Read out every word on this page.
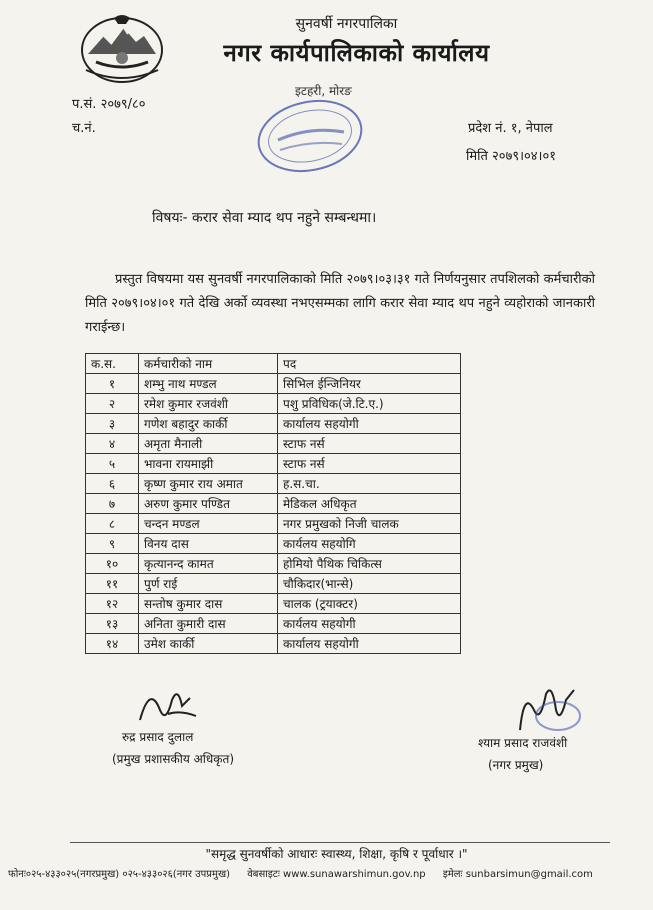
सुनवर्षी नगरपालिका
नगर कार्यपालिकाको कार्यालय
इटहरी, मोरङ
प.सं. २०७९/८०
च.नं.	प्रदेश नं. १, नेपाल
मिति २०७९।०४।०१
विषयः- करार सेवा म्याद थप नहुने सम्बन्धमा।
प्रस्तुत विषयमा यस सुनवर्षी नगरपालिकाको मिति २०७९।०३।३१ गते निर्णयनुसार तपशिलको कर्मचारीको मिति २०७९।०४।०१ गते देखि अर्को व्यवस्था नभएसम्मका लागि करार सेवा म्याद थप नहुने व्यहोराको जानकारी गराईन्छ।
क.स.	कर्मचारीको नाम	पद
१	शम्भु नाथ मण्डल	सिभिल ईन्जिनियर
२	रमेश कुमार रजवंशी	पशु प्रविधिक(जे.टि.ए.)
३	गणेश बहादुर कार्की	कार्यालय सहयोगी
४	अमृता मैनाली	स्टाफ नर्स
५	भावना रायमाझी	स्टाफ नर्स
६	कृष्ण कुमार राय अमात	ह.स.चा.
७	अरुण कुमार पण्डित	मेडिकल अधिकृत
८	चन्दन मण्डल	नगर प्रमुखको निजी चालक
९	विनय दास	कार्यलय सहयोगि
१०	कृत्यानन्द कामत	होमियो पैथिक चिकित्स
११	पुर्ण राई	चौकिदार(भान्से)
१२	सन्तोष कुमार दास	चालक (ट्रयाक्टर)
१३	अनिता कुमारी दास	कार्यलय सहयोगी
१४	उमेश कार्की	कार्यालय सहयोगी
रुद्र प्रसाद दुलाल
(प्रमुख प्रशासकीय अधिकृत)
श्याम प्रसाद राजवंशी
(नगर प्रमुख)
"समृद्ध सुनवर्षीको आधारः स्वास्थ्य, शिक्षा, कृषि र पूर्वाधार ।"
फोनः०२५-४३३०२५(नगरप्रमुख) ०२५-४३३०२६(नगर उपप्रमुख) वेबसाइटः www.sunawarshimun.gov.np इमेलः sunbarsimun@gmail.com
